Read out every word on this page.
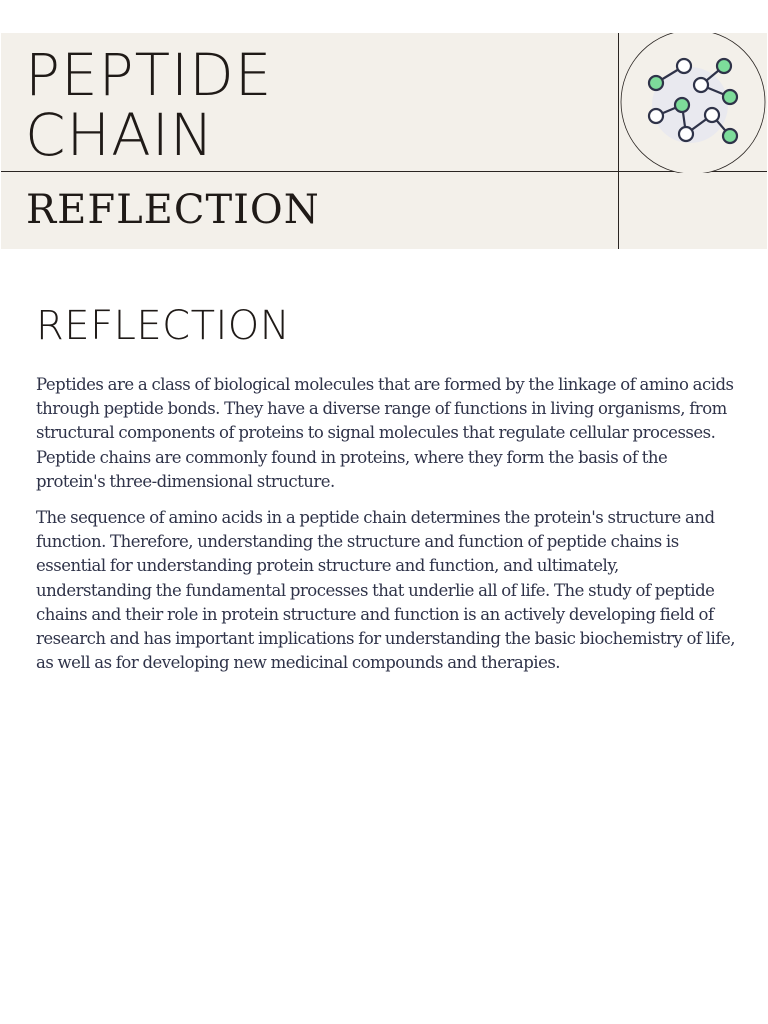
PEPTIDE
CHAIN
REFLECTION
REFLECTION

Peptides are a class of biological molecules that are formed by the linkage of amino acids through peptide bonds. They have a diverse range of functions in living organisms, from structural components of proteins to signal molecules that regulate cellular processes. Peptide chains are commonly found in proteins, where they form the basis of the protein's three-dimensional structure.

The sequence of amino acids in a peptide chain determines the protein's structure and function. Therefore, understanding the structure and function of peptide chains is essential for understanding protein structure and function, and ultimately, understanding the fundamental processes that underlie all of life. The study of peptide chains and their role in protein structure and function is an actively developing field of research and has important implications for understanding the basic biochemistry of life, as well as for developing new medicinal compounds and therapies.
